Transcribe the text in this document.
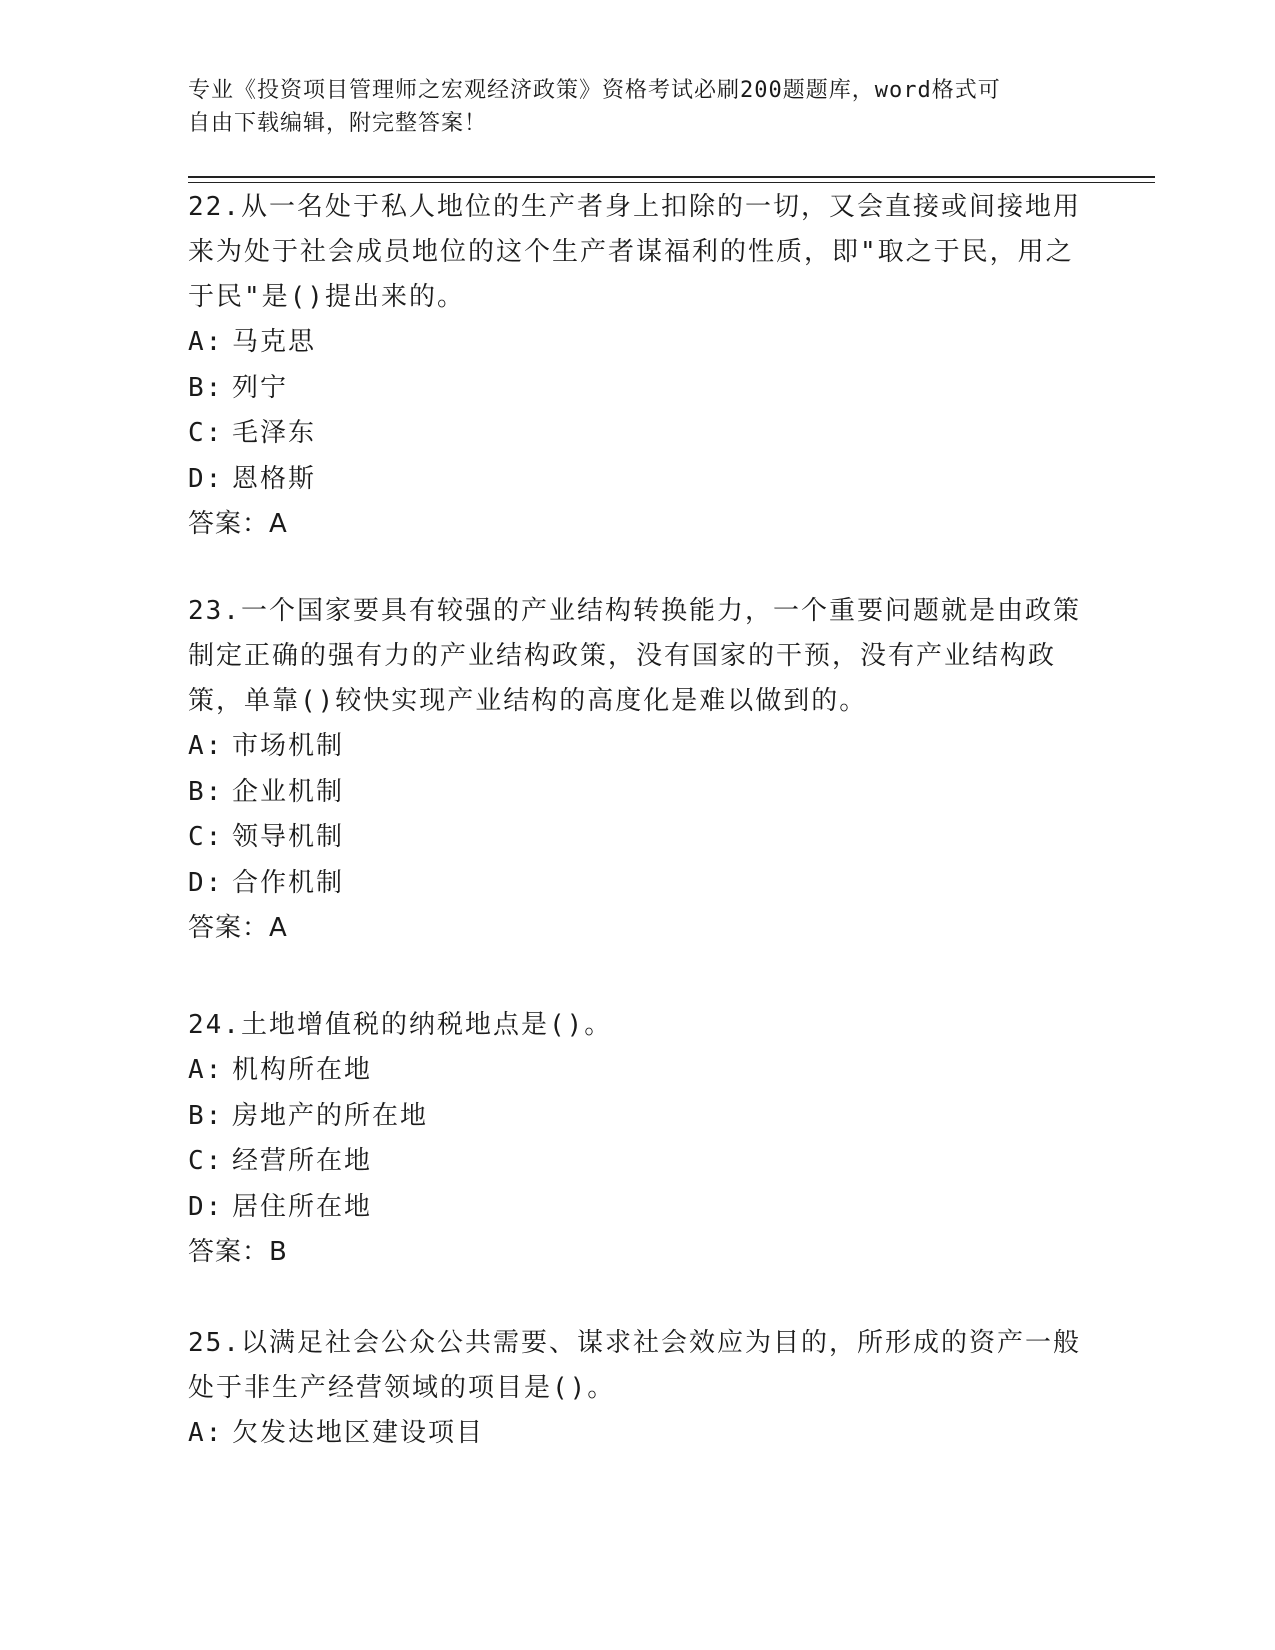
专业《投资项目管理师之宏观经济政策》资格考试必刷200题题库，word格式可
自由下载编辑，附完整答案！
22.从一名处于私人地位的生产者身上扣除的一切，又会直接或间接地用来为处于社会成员地位的这个生产者谋福利的性质，即"取之于民，用之于民"是()提出来的。
A: 马克思
B: 列宁
C: 毛泽东
D: 恩格斯
答案：A
23.一个国家要具有较强的产业结构转换能力，一个重要问题就是由政策制定正确的强有力的产业结构政策，没有国家的干预，没有产业结构政策，单靠()较快实现产业结构的高度化是难以做到的。
A: 市场机制
B: 企业机制
C: 领导机制
D: 合作机制
答案：A
24.土地增值税的纳税地点是()。
A: 机构所在地
B: 房地产的所在地
C: 经营所在地
D: 居住所在地
答案：B
25.以满足社会公众公共需要、谋求社会效应为目的，所形成的资产一般处于非生产经营领域的项目是()。
A: 欠发达地区建设项目
